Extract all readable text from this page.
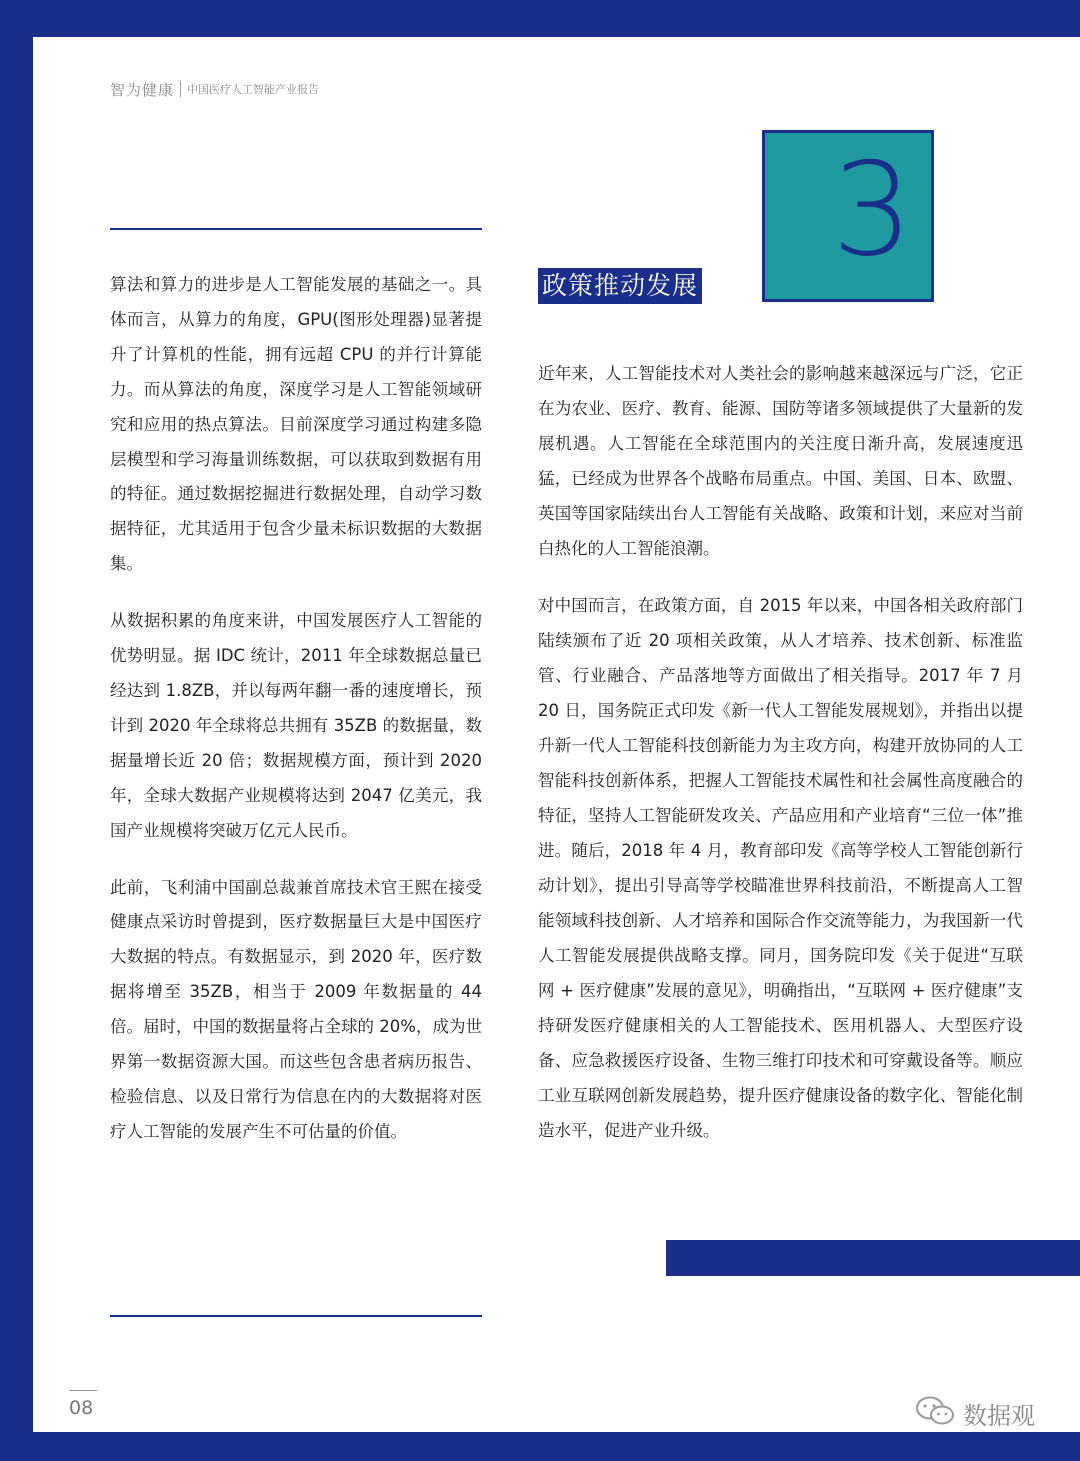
智为健康 中国医疗人工智能产业报告

算法和算力的进步是人工智能发展的基础之一。具体而言，从算力的角度，GPU(图形处理器)显著提升了计算机的性能，拥有远超 CPU 的并行计算能力。而从算法的角度，深度学习是人工智能领域研究和应用的热点算法。目前深度学习通过构建多隐层模型和学习海量训练数据，可以获取到数据有用的特征。通过数据挖掘进行数据处理，自动学习数据特征，尤其适用于包含少量未标识数据的大数据集。

从数据积累的角度来讲，中国发展医疗人工智能的优势明显。据 IDC 统计，2011 年全球数据总量已经达到 1.8ZB，并以每两年翻一番的速度增长，预计到 2020 年全球将总共拥有 35ZB 的数据量，数据量增长近 20 倍；数据规模方面，预计到 2020 年，全球大数据产业规模将达到 2047 亿美元，我国产业规模将突破万亿元人民币。

此前，飞利浦中国副总裁兼首席技术官王熙在接受健康点采访时曾提到，医疗数据量巨大是中国医疗大数据的特点。有数据显示，到 2020 年，医疗数据将增至 35ZB，相当于 2009 年数据量的 44 倍。届时，中国的数据量将占全球的 20%，成为世界第一数据资源大国。而这些包含患者病历报告、检验信息、以及日常行为信息在内的大数据将对医疗人工智能的发展产生不可估量的价值。

3
政策推动发展

近年来，人工智能技术对人类社会的影响越来越深远与广泛，它正在为农业、医疗、教育、能源、国防等诸多领域提供了大量新的发展机遇。人工智能在全球范围内的关注度日渐升高，发展速度迅猛，已经成为世界各个战略布局重点。中国、美国、日本、欧盟、英国等国家陆续出台人工智能有关战略、政策和计划，来应对当前白热化的人工智能浪潮。

对中国而言，在政策方面，自 2015 年以来，中国各相关政府部门陆续颁布了近 20 项相关政策，从人才培养、技术创新、标准监管、行业融合、产品落地等方面做出了相关指导。2017 年 7 月 20 日，国务院正式印发《新一代人工智能发展规划》，并指出以提升新一代人工智能科技创新能力为主攻方向，构建开放协同的人工智能科技创新体系，把握人工智能技术属性和社会属性高度融合的特征，坚持人工智能研发攻关、产品应用和产业培育“三位一体”推进。随后，2018 年 4 月，教育部印发《高等学校人工智能创新行动计划》，提出引导高等学校瞄准世界科技前沿，不断提高人工智能领域科技创新、人才培养和国际合作交流等能力，为我国新一代人工智能发展提供战略支撑。同月，国务院印发《关于促进“互联网 + 医疗健康”发展的意见》，明确指出，“互联网 + 医疗健康”支持研发医疗健康相关的人工智能技术、医用机器人、大型医疗设备、应急救援医疗设备、生物三维打印技术和可穿戴设备等。顺应工业互联网创新发展趋势，提升医疗健康设备的数字化、智能化制造水平，促进产业升级。

08	数据观
